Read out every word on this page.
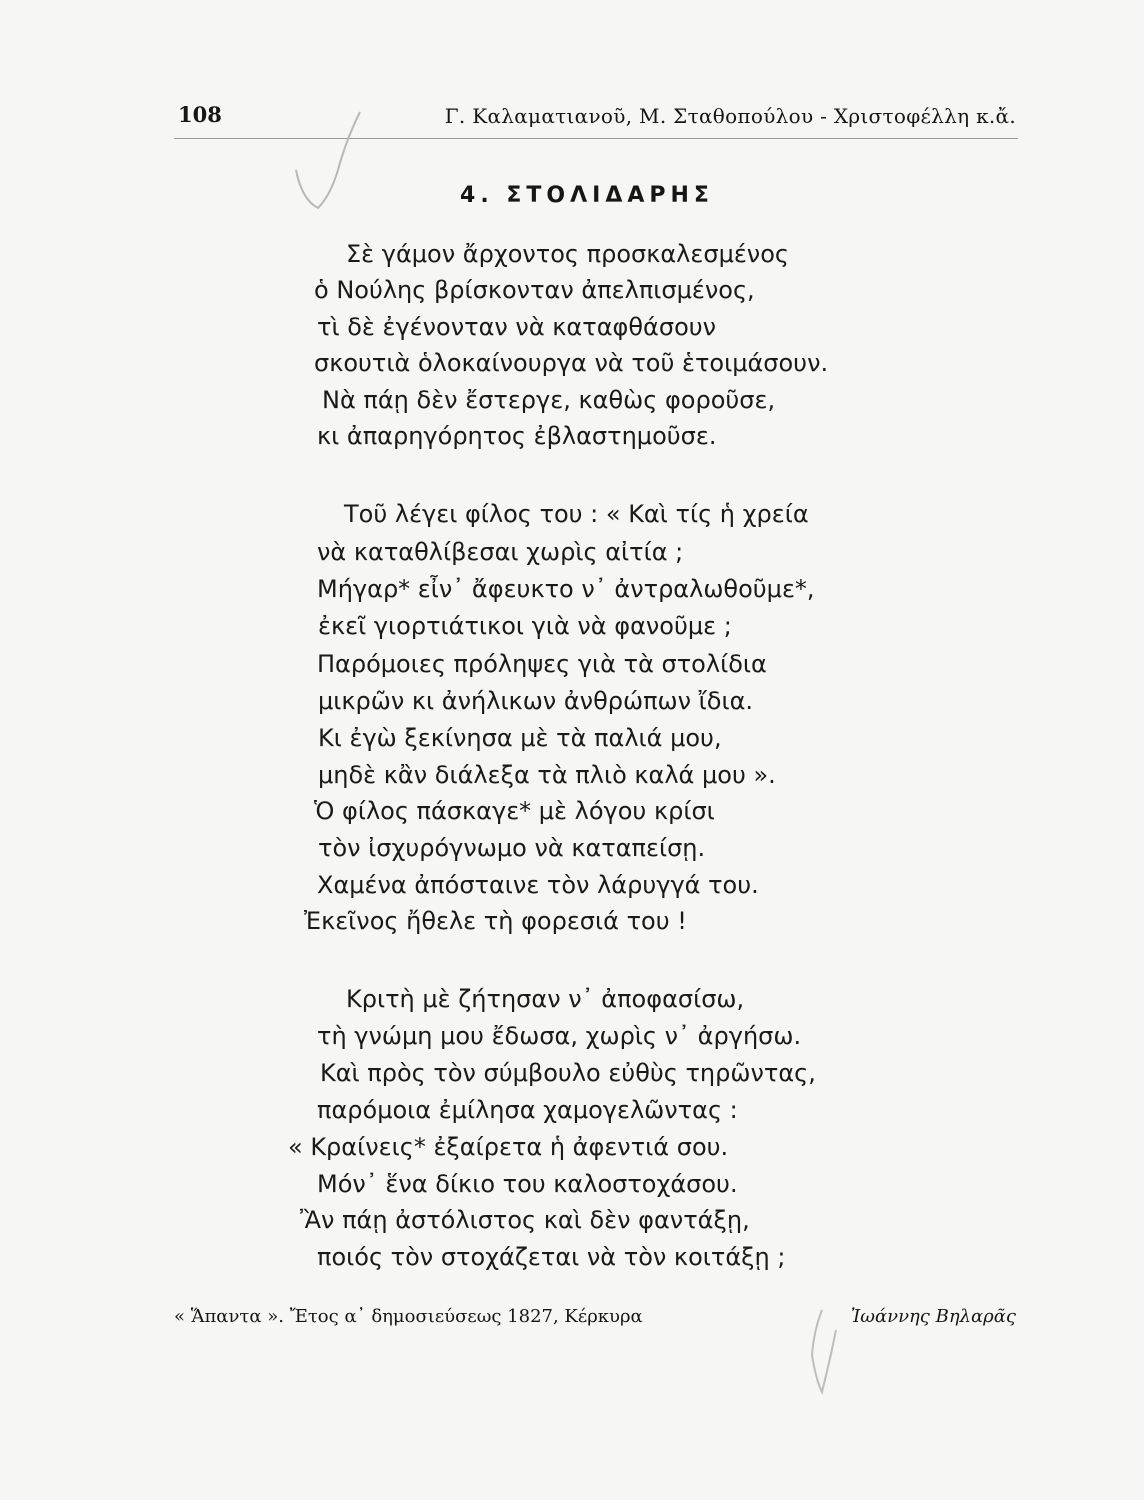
108	Γ. Καλαματιανοῦ, Μ. Σταθοπούλου - Χριστοφέλλη κ.ἄ.
4. ΣΤΟΛΙΔΑΡΗΣ
Σὲ γάμον ἄρχοντος προσκαλεσμένος
ὁ Νούλης βρίσκονταν ἀπελπισμένος,
τὶ δὲ ἐγένονταν νὰ καταφθάσουν
σκουτιὰ ὁλοκαίνουργα νὰ τοῦ ἑτοιμάσουν.
Νὰ πάῃ δὲν ἔστεργε, καθὼς φοροῦσε,
κι ἀπαρηγόρητος ἐβλαστημοῦσε.
Τοῦ λέγει φίλος του : « Καὶ τίς ἡ χρεία
νὰ καταθλίβεσαι χωρὶς αἰτία ;
Μήγαρ* εἶν᾽ ἄφευκτο ν᾽ ἀντραλωθοῦμε*,
ἐκεῖ γιορτιάτικοι γιὰ νὰ φανοῦμε ;
Παρόμοιες πρόληψες γιὰ τὰ στολίδια
μικρῶν κι ἀνήλικων ἀνθρώπων ἴδια.
Κι ἐγὼ ξεκίνησα μὲ τὰ παλιά μου,
μηδὲ κἂν διάλεξα τὰ πλιὸ καλά μου ».
Ὁ φίλος πάσκαγε* μὲ λόγου κρίσι
τὸν ἰσχυρόγνωμο νὰ καταπείσῃ.
Χαμένα ἀπόσταινε τὸν λάρυγγά του.
Ἐκεῖνος ἤθελε τὴ φορεσιά του !
Κριτὴ μὲ ζήτησαν ν᾽ ἀποφασίσω,
τὴ γνώμη μου ἔδωσα, χωρὶς ν᾽ ἀργήσω.
Καὶ πρὸς τὸν σύμβουλο εὐθὺς τηρῶντας,
παρόμοια ἐμίλησα χαμογελῶντας :
« Κραίνεις* ἐξαίρετα ἡ ἀφεντιά σου.
Μόν᾽ ἕνα δίκιο του καλοστοχάσου.
Ἂν πάῃ ἀστόλιστος καὶ δὲν φαντάξῃ,
ποιός τὸν στοχάζεται νὰ τὸν κοιτάξῃ ;
« Ἅπαντα ». Ἔτος α᾽ δημοσιεύσεως 1827, Κέρκυρα	Ἰωάννης Βηλαρᾶς
